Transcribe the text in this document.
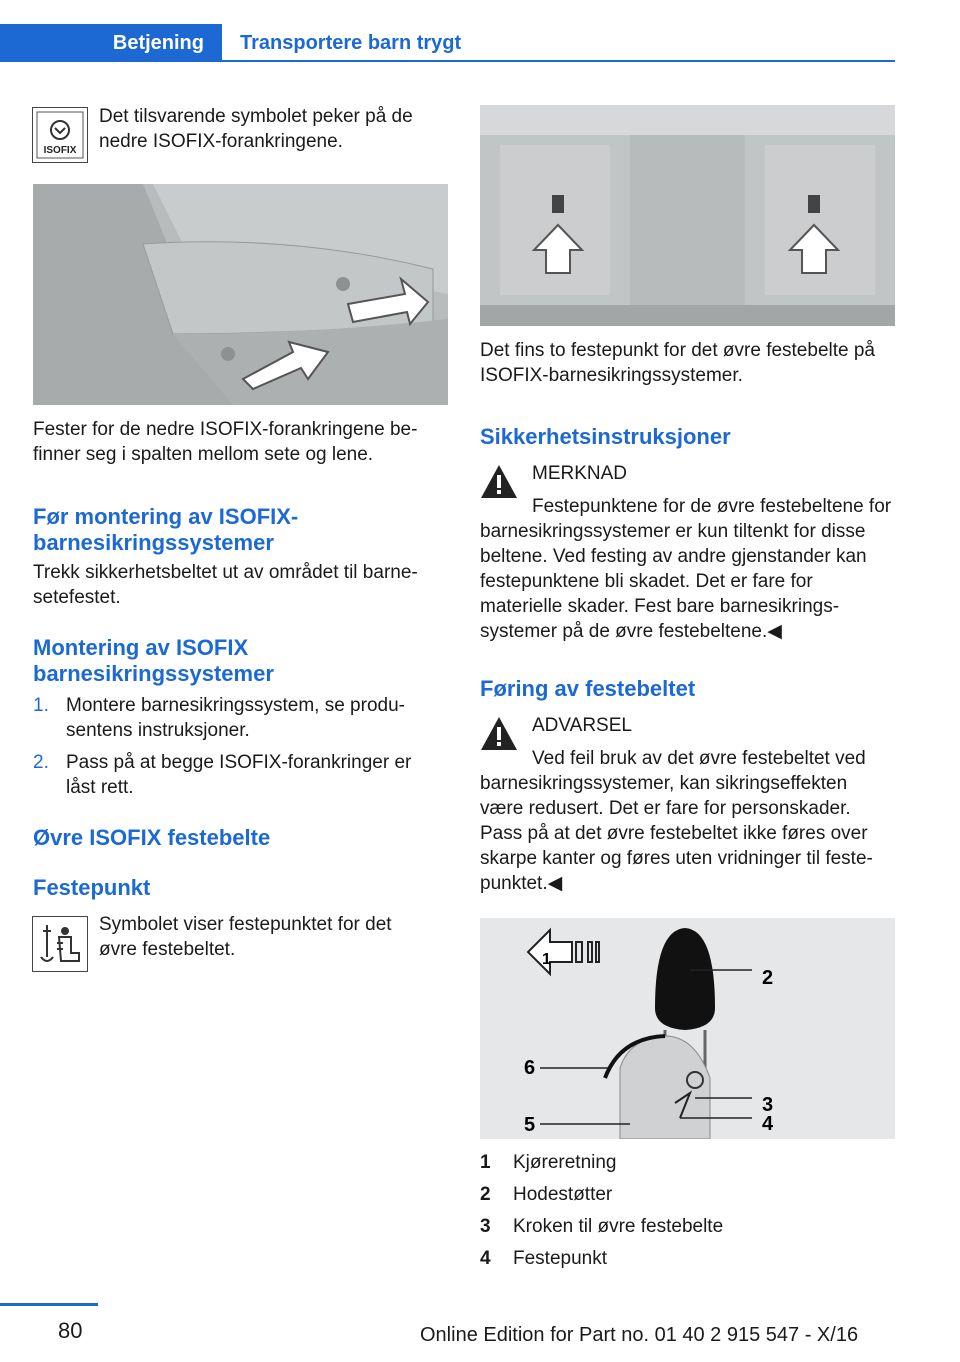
Betjening Transportere barn trygt
ISOFIX

Det tilsvarende symbolet peker på de nedre ISOFIX-forankringene.

Fester for de nedre ISOFIX-forankringene befinner seg i spalten mellom sete og lene.

Før montering av ISOFIX-barnesikringssystemer

Trekk sikkerhetsbeltet ut av området til barnesetefestet.

Montering av ISOFIX barnesikringssystemer
1. Montere barnesikringssystem, se produsentens instruksjoner.
2. Pass på at begge ISOFIX-forankringer er låst rett.
Øvre ISOFIX festebelte
Festepunkt

Symbolet viser festepunktet for det øvre festebeltet.

Det fins to festepunkt for det øvre festebelte på ISOFIX-barnesikringssystemer.

Sikkerhetsinstruksjoner

MERKNAD

Festepunktene for de øvre festebeltene for barnesikringssystemer er kun tiltenkt for disse beltene. Ved festing av andre gjenstander kan festepunktene bli skadet. Det er fare for materielle skader. Fest bare barnesikringssystemer på de øvre festebeltene.◀

Føring av festebeltet

ADVARSEL

Ved feil bruk av det øvre festebeltet ved barnesikringssystemer, kan sikringseffekten være redusert. Det er fare for personskader. Pass på at det øvre festebeltet ikke føres over skarpe kanter og føres uten vridninger til festepunktet.◀

1
2
3
4
5
6
1 Kjøreretning
2 Hodestøtter
3 Kroken til øvre festebelte
4 Festepunkt
80	Online Edition for Part no. 01 40 2 915 547 - X/16
